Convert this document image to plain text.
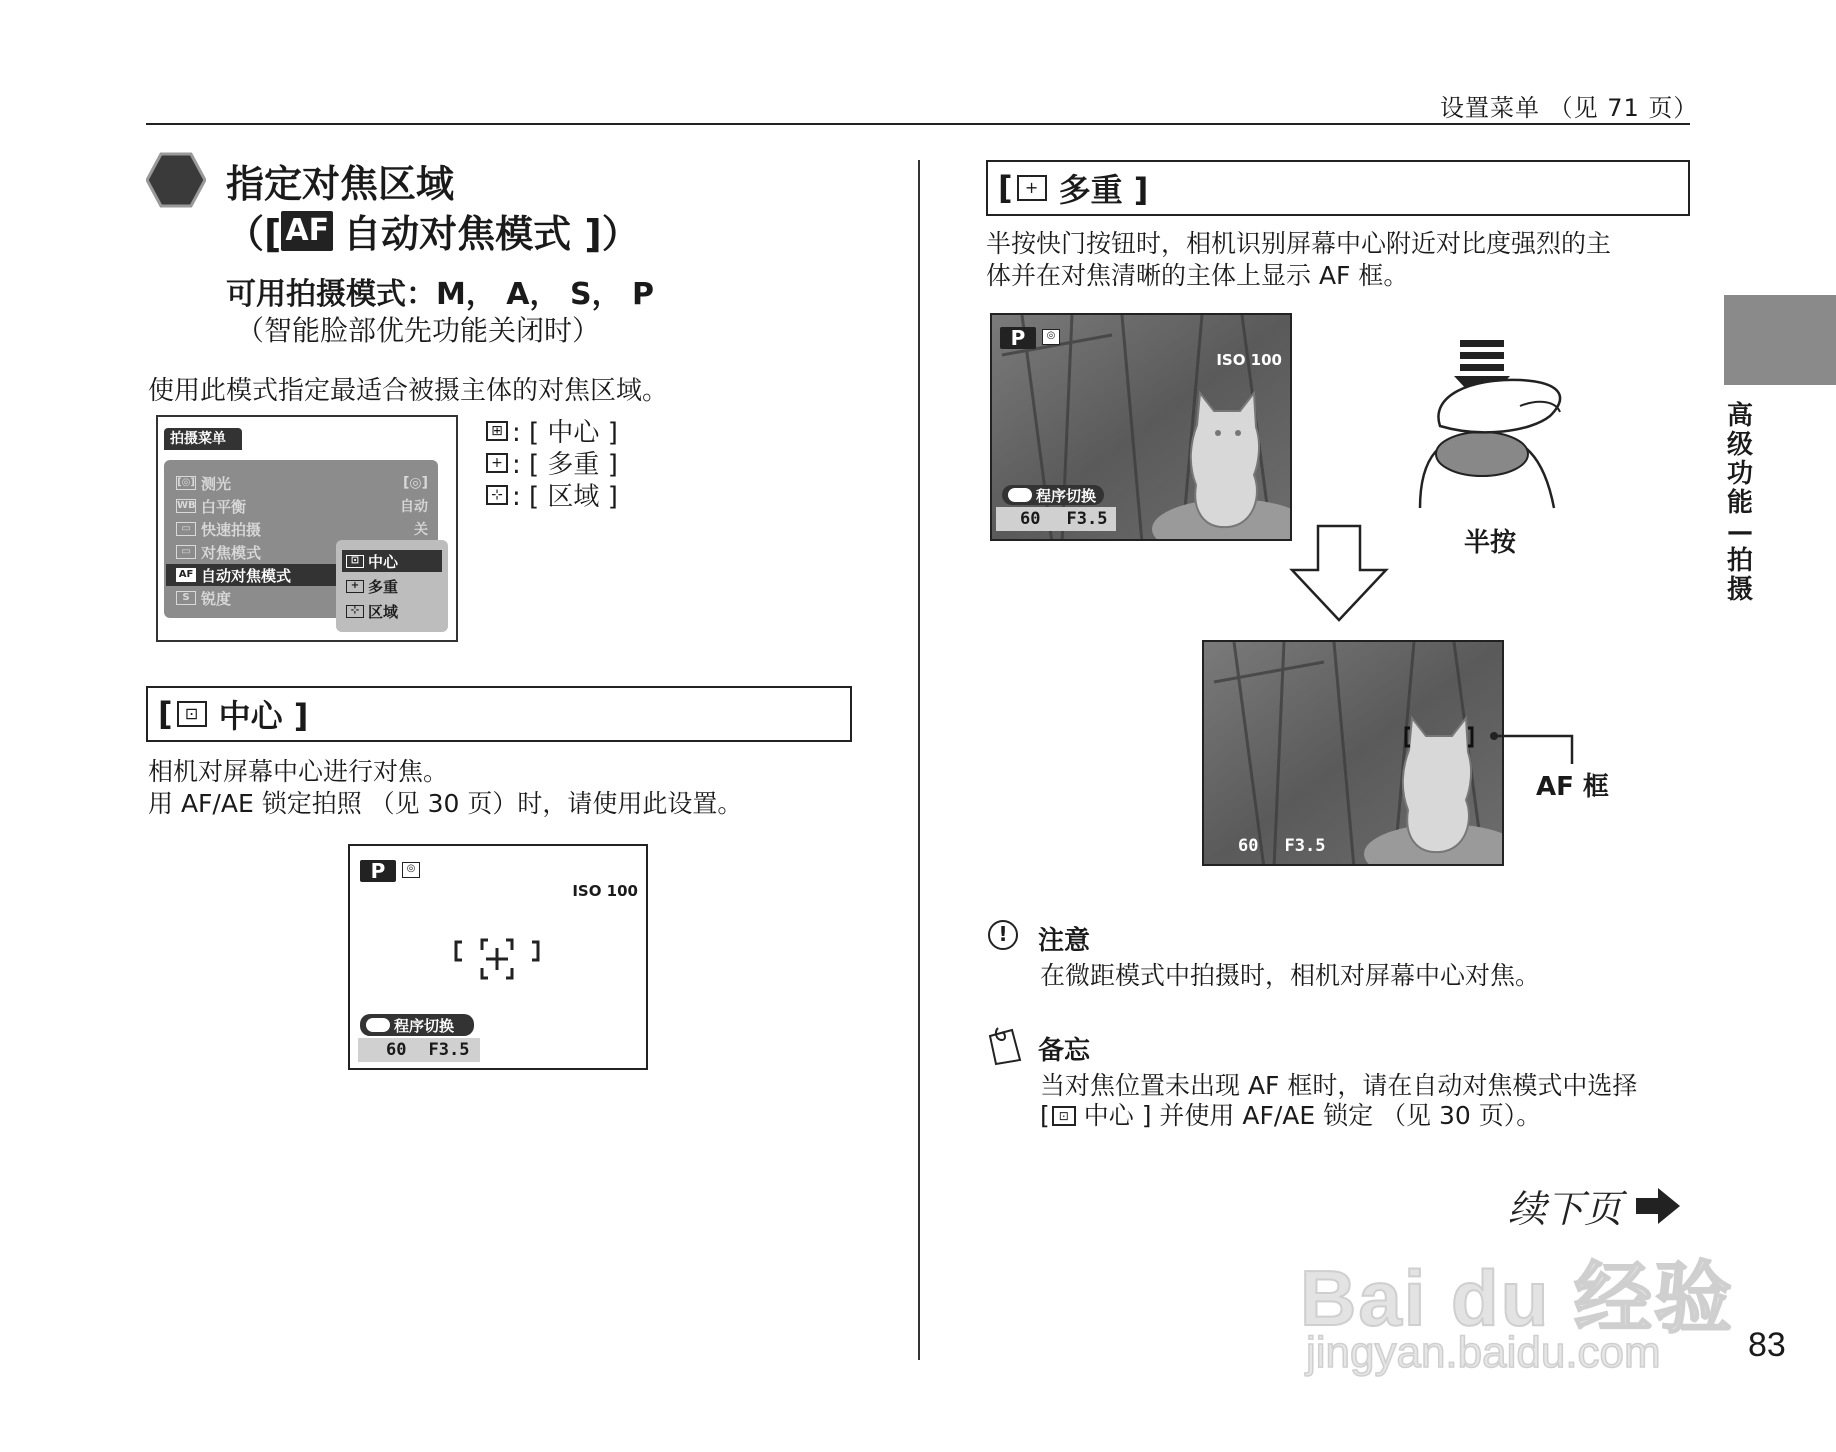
设置菜单 （见 71 页）
高级功能—拍摄
指定对焦区域
（[ AF 自动对焦模式 ]）
可用拍摄模式：M， A， S， P
（智能脸部优先功能关闭时）
使用此模式指定最适合被摄主体的对焦区域。
拍摄菜单
[◎] 测光	[◎]
WB 白平衡	自动
▭ 快速拍摄	关
▭ 对焦模式
AF 自动对焦模式
S 锐度
⊡ 中心
+ 多重
⊹ 区域
⊞ : [ 中心 ]
+ : [ 多重 ]
⊹ : [ 区域 ]
[ ⊡ 中心 ]
相机对屏幕中心进行对焦。
用 AF/AE 锁定拍照 （见 30 页）时，请使用此设置。
P	◎
ISO 100
程序切换
60 F3.5
[ + 多重 ]
半按快门按钮时，相机识别屏幕中心附近对比度强烈的主
体并在对焦清晰的主体上显示 AF 框。
P	◎
ISO 100
程序切换
60 F3.5
半按
60 F3.5
AF 框
!	注意
在微距模式中拍摄时，相机对屏幕中心对焦。
备忘
当对焦位置未出现 AF 框时，请在自动对焦模式中选择
[ ⊡ 中心 ] 并使用 AF/AE 锁定 （见 30 页）。
续下页
Bai du 经验
jingyan.baidu.com	83
